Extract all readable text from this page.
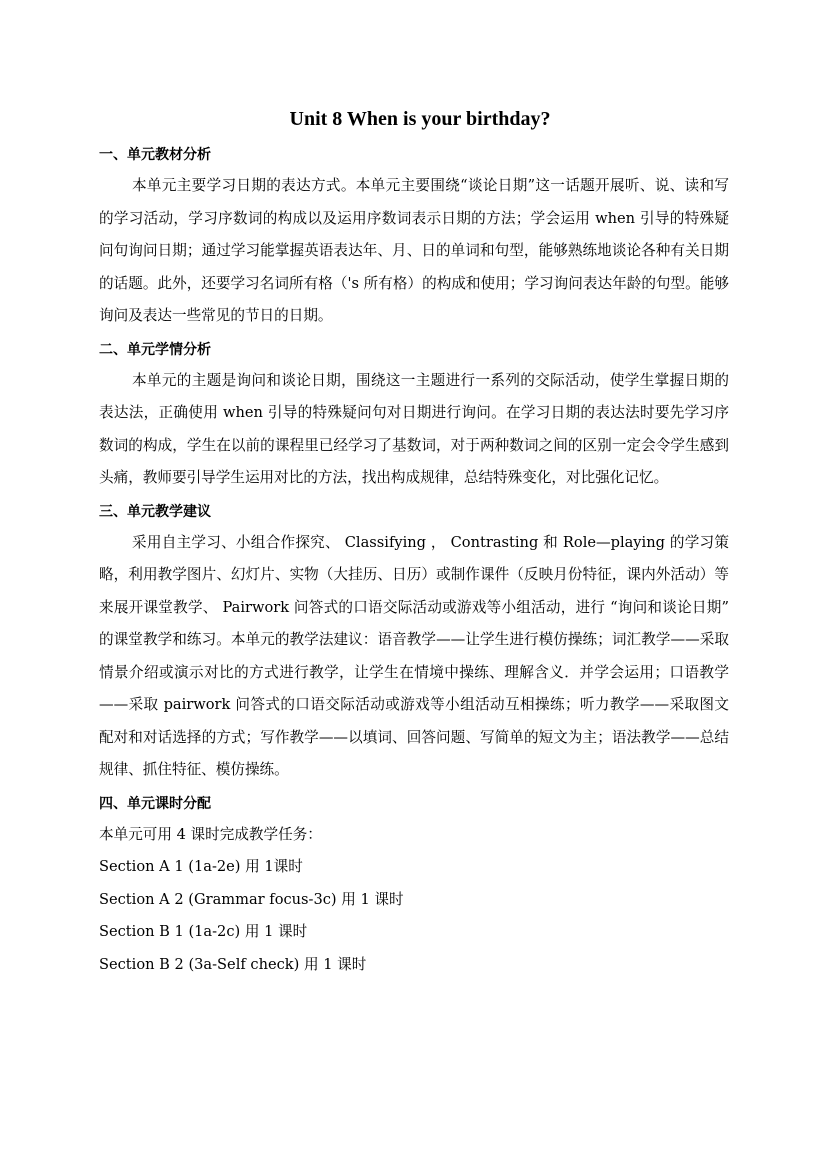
Unit 8 When is your birthday?
一、单元教材分析

本单元主要学习日期的表达方式。本单元主要围绕“谈论日期”这一话题开展听、说、读和写的学习活动，学习序数词的构成以及运用序数词表示日期的方法；学会运用 when 引导的特殊疑问句询问日期；通过学习能掌握英语表达年、月、日的单词和句型，能够熟练地谈论各种有关日期的话题。此外，还要学习名词所有格（'s 所有格）的构成和使用；学习询问表达年龄的句型。能够询问及表达一些常见的节日的日期。

二、单元学情分析

本单元的主题是询问和谈论日期，围绕这一主题进行一系列的交际活动，使学生掌握日期的表达法，正确使用 when 引导的特殊疑问句对日期进行询问。在学习日期的表达法时要先学习序数词的构成，学生在以前的课程里已经学习了基数词，对于两种数词之间的区别一定会令学生感到头痛，教师要引导学生运用对比的方法，找出构成规律，总结特殊变化，对比强化记忆。

三、单元教学建议

采用自主学习、小组合作探究、 Classifying ， Contrasting 和 Role—playing 的学习策略，利用教学图片、幻灯片、实物（大挂历、日历）或制作课件（反映月份特征，课内外活动）等来展开课堂教学、 Pairwork 问答式的口语交际活动或游戏等小组活动，进行 “询问和谈论日期” 的课堂教学和练习。本单元的教学法建议：语音教学——让学生进行模仿操练；词汇教学——采取情景介绍或演示对比的方式进行教学，让学生在情境中操练、理解含义．并学会运用；口语教学——采取 pairwork 问答式的口语交际活动或游戏等小组活动互相操练；听力教学——采取图文配对和对话选择的方式；写作教学——以填词、回答问题、写简单的短文为主；语法教学——总结规律、抓住特征、模仿操练。

四、单元课时分配

本单元可用 4 课时完成教学任务：

Section A 1 (1a-2e) 用 1课时

Section A 2 (Grammar focus-3c) 用 1 课时

Section B 1 (1a-2c) 用 1 课时

Section B 2 (3a-Self check) 用 1 课时
